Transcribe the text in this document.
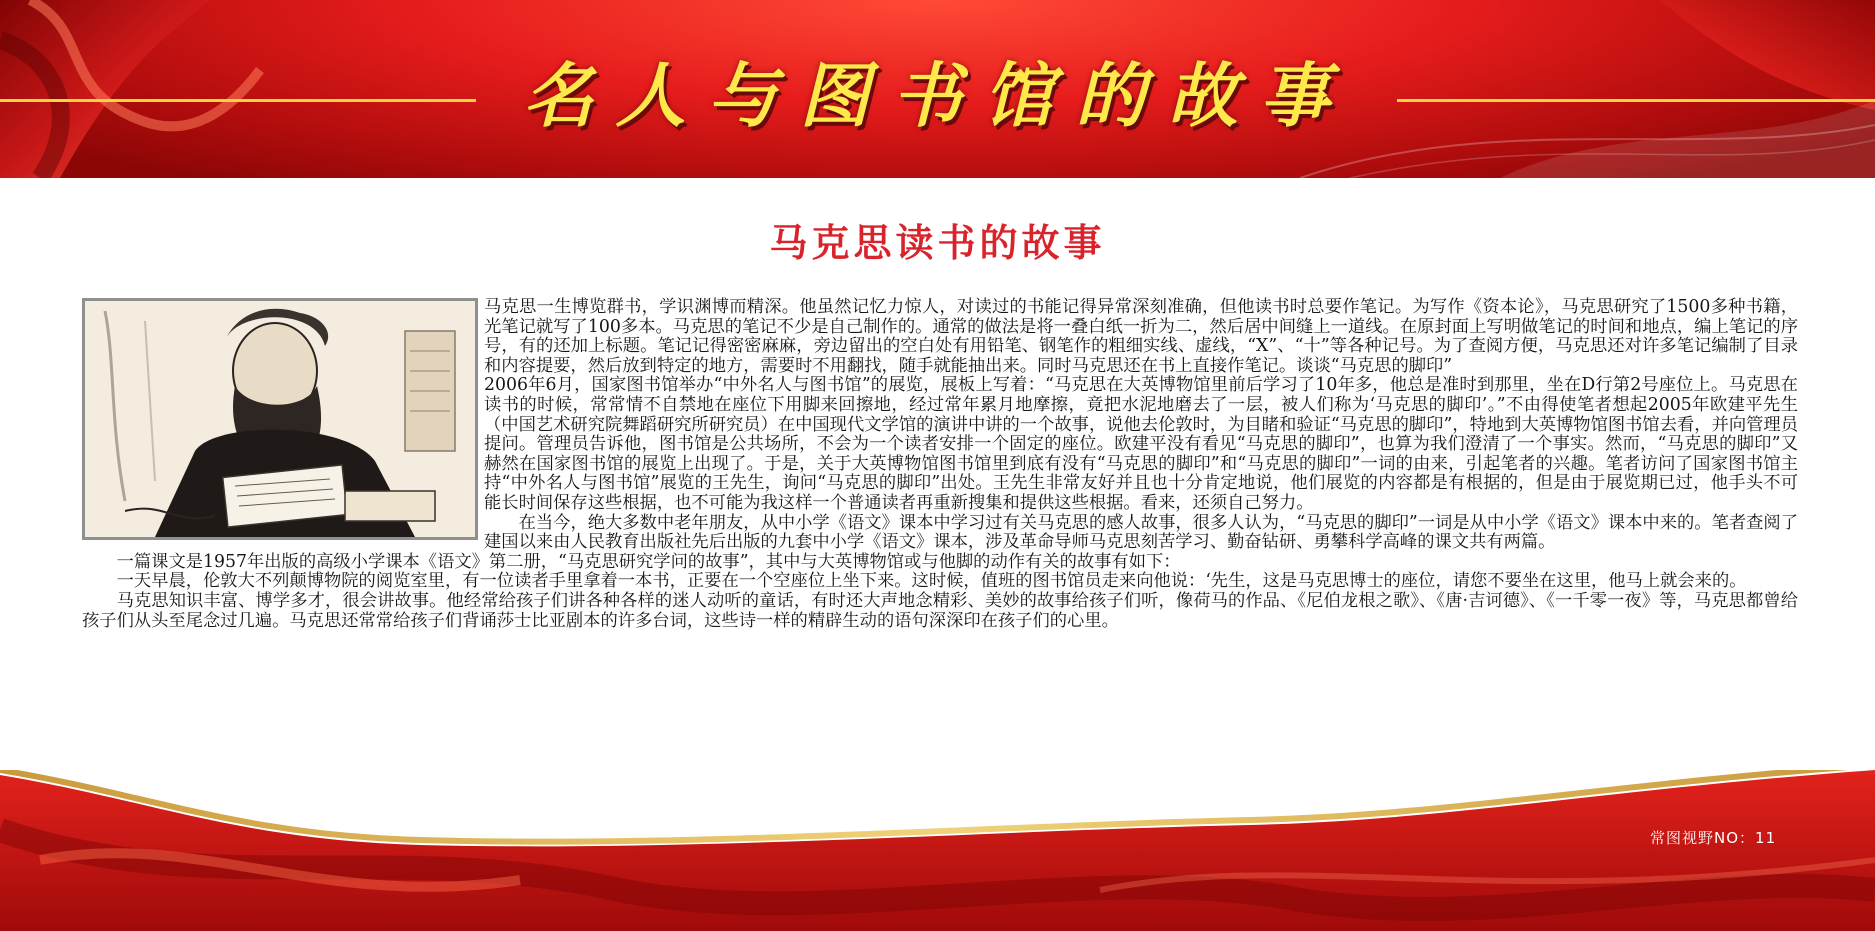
名人与图书馆的故事
马克思读书的故事

马克思一生博览群书，学识渊博而精深。他虽然记忆力惊人，对读过的书能记得异常深刻准确，但他读书时总要作笔记。为写作《资本论》，马克思研究了1500多种书籍，光笔记就写了100多本。马克思的笔记不少是自己制作的。通常的做法是将一叠白纸一折为二，然后居中间缝上一道线。在原封面上写明做笔记的时间和地点，编上笔记的序号，有的还加上标题。笔记记得密密麻麻，旁边留出的空白处有用铅笔、钢笔作的粗细实线、虚线，“X”、“十”等各种记号。为了查阅方便，马克思还对许多笔记编制了目录和内容提要，然后放到特定的地方，需要时不用翻找，随手就能抽出来。同时马克思还在书上直接作笔记。谈谈“马克思的脚印”

2006年6月，国家图书馆举办“中外名人与图书馆”的展览，展板上写着：“马克思在大英博物馆里前后学习了10年多，他总是准时到那里，坐在D行第2号座位上。马克思在读书的时候，常常情不自禁地在座位下用脚来回擦地，经过常年累月地摩擦，竟把水泥地磨去了一层，被人们称为‘马克思的脚印’。”不由得使笔者想起2005年欧建平先生（中国艺术研究院舞蹈研究所研究员）在中国现代文学馆的演讲中讲的一个故事，说他去伦敦时，为目睹和验证“马克思的脚印”，特地到大英博物馆图书馆去看，并向管理员提问。管理员告诉他，图书馆是公共场所，不会为一个读者安排一个固定的座位。欧建平没有看见“马克思的脚印”，也算为我们澄清了一个事实。然而，“马克思的脚印”又赫然在国家图书馆的展览上出现了。于是，关于大英博物馆图书馆里到底有没有“马克思的脚印”和“马克思的脚印”一词的由来，引起笔者的兴趣。笔者访问了国家图书馆主持“中外名人与图书馆”展览的王先生，询问“马克思的脚印”出处。王先生非常友好并且也十分肯定地说，他们展览的内容都是有根据的，但是由于展览期已过，他手头不可能长时间保存这些根据，也不可能为我这样一个普通读者再重新搜集和提供这些根据。看来，还须自己努力。

在当今，绝大多数中老年朋友，从中小学《语文》课本中学习过有关马克思的感人故事，很多人认为，“马克思的脚印”一词是从中小学《语文》课本中来的。笔者查阅了建国以来由人民教育出版社先后出版的九套中小学《语文》课本，涉及革命导师马克思刻苦学习、勤奋钻研、勇攀科学高峰的课文共有两篇。

一篇课文是1957年出版的高级小学课本《语文》第二册，“马克思研究学问的故事”，其中与大英博物馆或与他脚的动作有关的故事有如下：

一天早晨，伦敦大不列颠博物院的阅览室里，有一位读者手里拿着一本书，正要在一个空座位上坐下来。这时候，值班的图书馆员走来向他说：‘先生，这是马克思博士的座位，请您不要坐在这里，他马上就会来的。

马克思知识丰富、博学多才，很会讲故事。他经常给孩子们讲各种各样的迷人动听的童话，有时还大声地念精彩、美妙的故事给孩子们听，像荷马的作品、《尼伯龙根之歌》、《唐·吉诃德》、《一千零一夜》等，马克思都曾给孩子们从头至尾念过几遍。马克思还常常给孩子们背诵莎士比亚剧本的许多台词，这些诗一样的精辟生动的语句深深印在孩子们的心里。

常图视野NO：11
